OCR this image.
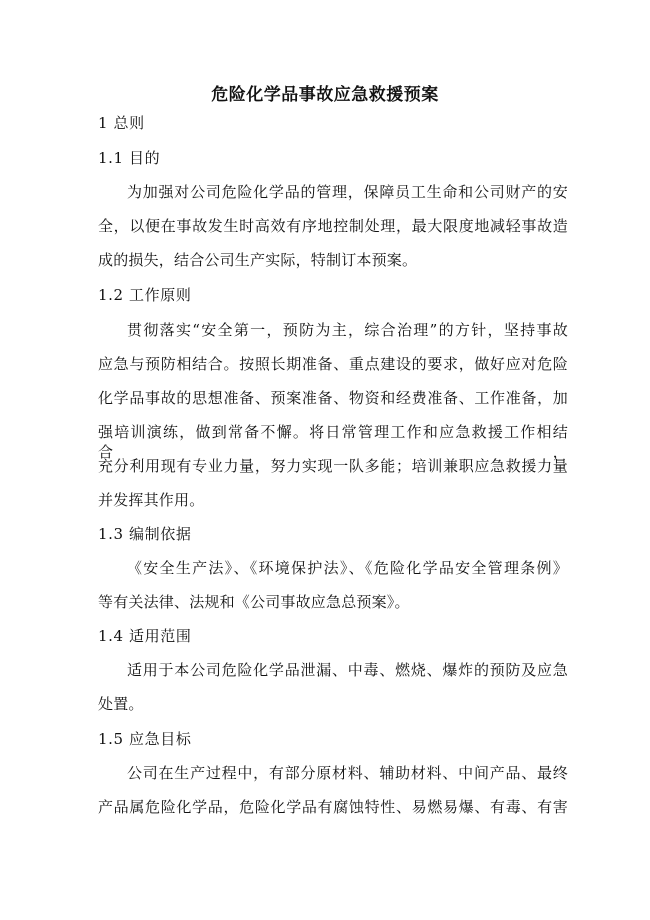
危险化学品事故应急救援预案
1 总则
1.1 目的
为加强对公司危险化学品的管理，保障员工生命和公司财产的安
全，以便在事故发生时高效有序地控制处理，最大限度地减轻事故造
成的损失，结合公司生产实际，特制订本预案。
1.2 工作原则
贯彻落实“安全第一，预防为主，综合治理”的方针，坚持事故
应急与预防相结合。按照长期准备、重点建设的要求，做好应对危险
化学品事故的思想准备、预案准备、物资和经费准备、工作准备，加
强培训演练，做到常备不懈。将日常管理工作和应急救援工作相结合，
充分利用现有专业力量，努力实现一队多能；培训兼职应急救援力量
并发挥其作用。
1.3 编制依据
《安全生产法》、《环境保护法》、《危险化学品安全管理条例》
等有关法律、法规和《公司事故应急总预案》。
1.4 适用范围
适用于本公司危险化学品泄漏、中毒、燃烧、爆炸的预防及应急
处置。
1.5 应急目标
公司在生产过程中，有部分原材料、辅助材料、中间产品、最终
产品属危险化学品，危险化学品有腐蚀特性、易燃易爆、有毒、有害
